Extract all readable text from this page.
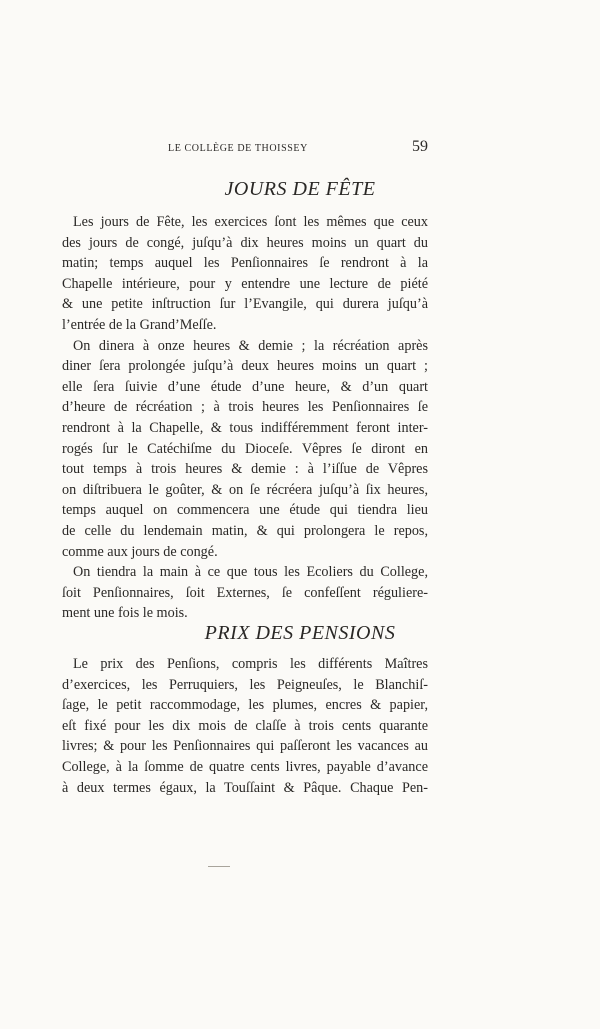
LE COLLÈGE DE THOISSEY	59
JOURS DE FÊTE
Les jours de Fête, les exercices ſont les mêmes que ceux
des jours de congé, juſqu’à dix heures moins un quart du
matin; temps auquel les Penſionnaires ſe rendront à la
Chapelle intérieure, pour y entendre une lecture de piété
& une petite inſtruction ſur l’Evangile, qui durera juſqu’à
l’entrée de la Grand’Meſſe.
On dinera à onze heures & demie ; la récréation après
diner ſera prolongée juſqu’à deux heures moins un quart ;
elle ſera ſuivie d’une étude d’une heure, & d’un quart
d’heure de récréation ; à trois heures les Penſionnaires ſe
rendront à la Chapelle, & tous indifféremment feront inter-
rogés ſur le Catéchiſme du Dioceſe. Vêpres ſe diront en
tout temps à trois heures & demie : à l’iſſue de Vêpres
on diſtribuera le goûter, & on ſe récréera juſqu’à ſix heures,
temps auquel on commencera une étude qui tiendra lieu
de celle du lendemain matin, & qui prolongera le repos,
comme aux jours de congé.
On tiendra la main à ce que tous les Ecoliers du College,
ſoit Penſionnaires, ſoit Externes, ſe confeſſent réguliere-
ment une fois le mois.
PRIX DES PENSIONS
Le prix des Penſions, compris les différents Maîtres
d’exercices, les Perruquiers, les Peigneuſes, le Blanchiſ-
ſage, le petit raccommodage, les plumes, encres & papier,
eſt fixé pour les dix mois de claſſe à trois cents quarante
livres; & pour les Penſionnaires qui paſſeront les vacances au
College, à la ſomme de quatre cents livres, payable d’avance
à deux termes égaux, la Touſſaint & Pâque. Chaque Pen-
